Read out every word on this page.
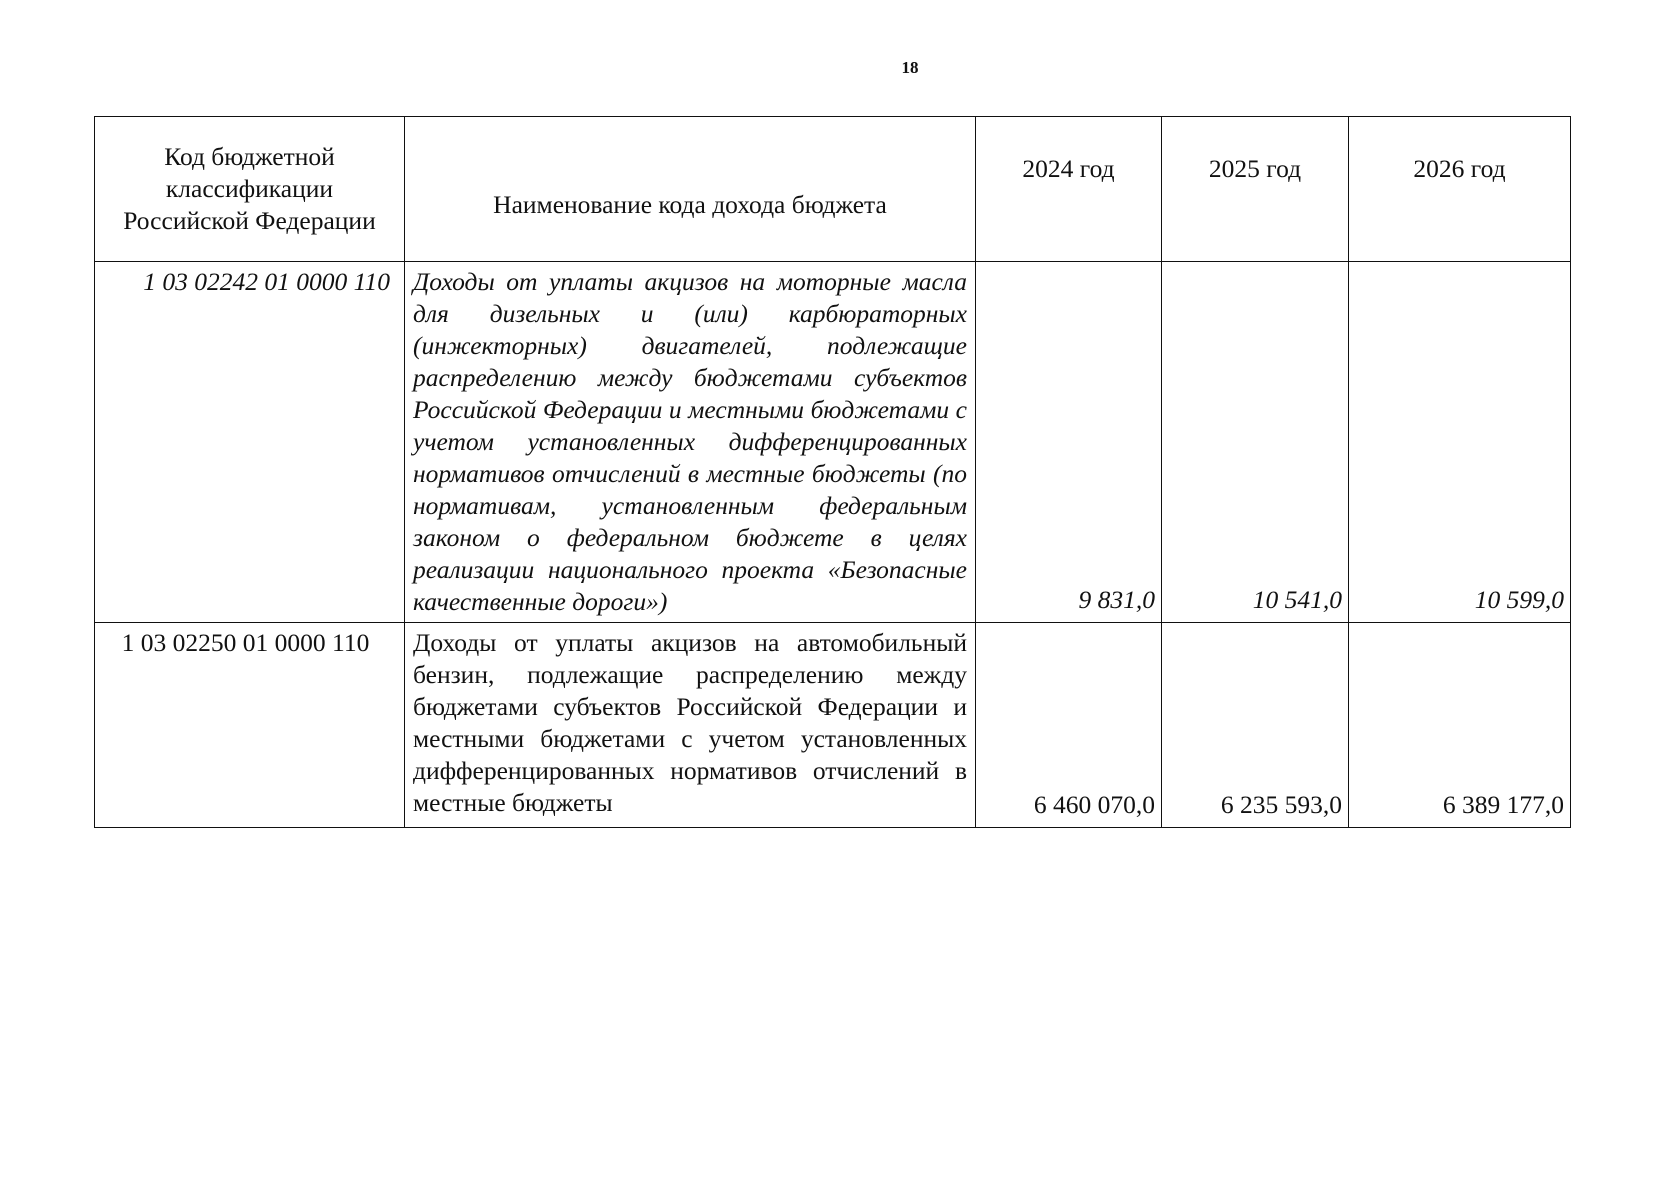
18
Код бюджетной классификации Российской Федерации	Наименование кода дохода бюджета	2024 год	2025 год	2026 год
1 03 02242 01 0000 110	Доходы от уплаты акцизов на моторные масла для дизельных и (или) карбюраторных (инжекторных) двигателей, подлежащие распределению между бюджетами субъектов Российской Федерации и местными бюджетами с учетом установленных дифференцированных нормативов отчислений в местные бюджеты (по нормативам, установленным федеральным законом о федеральном бюджете в целях реализации национального проекта «Безопасные качественные дороги»)	9 831,0	10 541,0	10 599,0
1 03 02250 01 0000 110	Доходы от уплаты акцизов на автомобильный бензин, подлежащие распределению между бюджетами субъектов Российской Федерации и местными бюджетами с учетом установленных дифференцированных нормативов отчислений в местные бюджеты	6 460 070,0	6 235 593,0	6 389 177,0
